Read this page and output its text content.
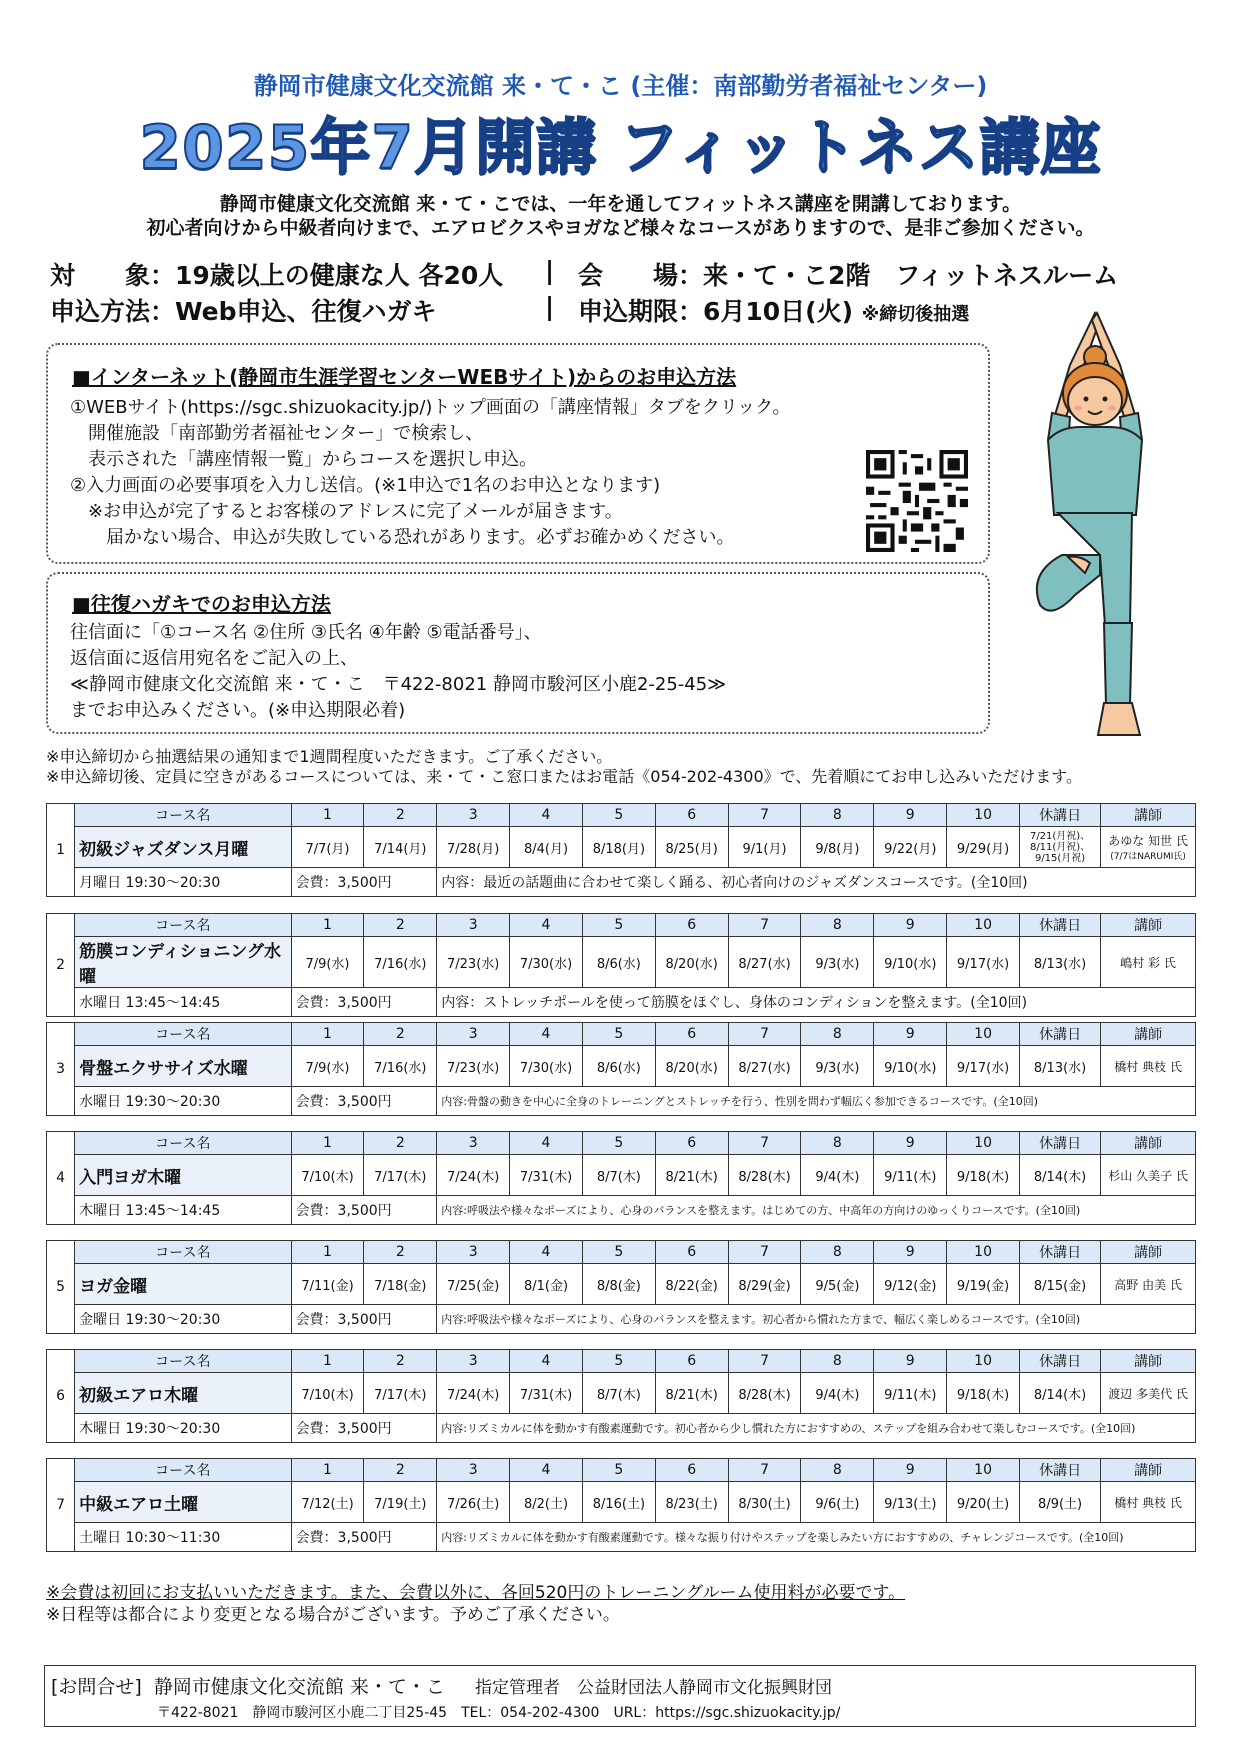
静岡市健康文化交流館 来・て・こ (主催：南部勤労者福祉センター)
2025年7月開講 フィットネス講座
静岡市健康文化交流館 来・て・こでは、一年を通してフィットネス講座を開講しております。
初心者向けから中級者向けまで、エアロビクスやヨガなど様々なコースがありますので、是非ご参加ください。
対　　象：19歳以上の健康な人 各20人 | 会　　場：来・て・こ2階　フィットネスルーム
申込方法：Web申込、往復ハガキ	| 申込期限：6月10日(火) ※締切後抽選
■インターネット(静岡市生涯学習センターWEBサイト)からのお申込方法
①WEBサイト(https://sgc.shizuokacity.jp/)トップ画面の「講座情報」タブをクリック。
　開催施設「南部勤労者福祉センター」で検索し、
　表示された「講座情報一覧」からコースを選択し申込。
②入力画面の必要事項を入力し送信。(※1申込で1名のお申込となります)
　※お申込が完了するとお客様のアドレスに完了メールが届きます。
　　届かない場合、申込が失敗している恐れがあります。必ずお確かめください。
■往復ハガキでのお申込方法
往信面に「①コース名 ②住所 ③氏名 ④年齢 ⑤電話番号」、
返信面に返信用宛名をご記入の上、
≪静岡市健康文化交流館 来・て・こ　〒422-8021 静岡市駿河区小鹿2-25-45≫
までお申込みください。(※申込期限必着)
※申込締切から抽選結果の通知まで1週間程度いただきます。ご了承ください。
※申込締切後、定員に空きがあるコースについては、来・て・こ窓口またはお電話《054-202-4300》で、先着順にてお申し込みいただけます。
1	コース名	1	2	3	4	5	6	7	8	9	10	休講日	講師
	初級ジャズダンス月曜	7/7(月)	7/14(月)	7/28(月)	8/4(月)	8/18(月)	8/25(月)	9/1(月)	9/8(月)	9/22(月)	9/29(月)	7/21(月祝)、8/11(月祝)、9/15(月祝)	あゆな 知世 氏
(7/7はNARUMI氏)

	月曜日 19:30～20:30	会費：3,500円		内容：最近の話題曲に合わせて楽しく踊る、初心者向けのジャズダンスコースです。(全10回)									
2	コース名	1	2	3	4	5	6	7	8	9	10	休講日	講師
	筋膜コンディショニング水曜	7/9(水)	7/16(水)	7/23(水)	7/30(水)	8/6(水)	8/20(水)	8/27(水)	9/3(水)	9/10(水)	9/17(水)	8/13(水)	嶋村 彩 氏

	水曜日 13:45～14:45	会費：3,500円		内容：ストレッチポールを使って筋膜をほぐし、身体のコンディションを整えます。(全10回)									
3	コース名	1	2	3	4	5	6	7	8	9	10	休講日	講師
	骨盤エクササイズ水曜	7/9(水)	7/16(水)	7/23(水)	7/30(水)	8/6(水)	8/20(水)	8/27(水)	9/3(水)	9/10(水)	9/17(水)	8/13(水)	橋村 典枝 氏

	水曜日 19:30～20:30	会費：3,500円		内容:骨盤の動きを中心に全身のトレーニングとストレッチを行う、性別を問わず幅広く参加できるコースです。(全10回)									
4	コース名	1	2	3	4	5	6	7	8	9	10	休講日	講師
	入門ヨガ木曜	7/10(木)	7/17(木)	7/24(木)	7/31(木)	8/7(木)	8/21(木)	8/28(木)	9/4(木)	9/11(木)	9/18(木)	8/14(木)	杉山 久美子 氏

	木曜日 13:45～14:45	会費：3,500円		内容:呼吸法や様々なポーズにより、心身のバランスを整えます。はじめての方、中高年の方向けのゆっくりコースです。(全10回)									
5	コース名	1	2	3	4	5	6	7	8	9	10	休講日	講師
	ヨガ金曜	7/11(金)	7/18(金)	7/25(金)	8/1(金)	8/8(金)	8/22(金)	8/29(金)	9/5(金)	9/12(金)	9/19(金)	8/15(金)	高野 由美 氏

	金曜日 19:30～20:30	会費：3,500円		内容:呼吸法や様々なポーズにより、心身のバランスを整えます。初心者から慣れた方まで、幅広く楽しめるコースです。(全10回)									
6	コース名	1	2	3	4	5	6	7	8	9	10	休講日	講師
	初級エアロ木曜	7/10(木)	7/17(木)	7/24(木)	7/31(木)	8/7(木)	8/21(木)	8/28(木)	9/4(木)	9/11(木)	9/18(木)	8/14(木)	渡辺 多美代 氏

	木曜日 19:30～20:30	会費：3,500円		内容:リズミカルに体を動かす有酸素運動です。初心者から少し慣れた方におすすめの、ステップを組み合わせて楽しむコースです。(全10回)									
7	コース名	1	2	3	4	5	6	7	8	9	10	休講日	講師
	中級エアロ土曜	7/12(土)	7/19(土)	7/26(土)	8/2(土)	8/16(土)	8/23(土)	8/30(土)	9/6(土)	9/13(土)	9/20(土)	8/9(土)	橋村 典枝 氏

	土曜日 10:30～11:30	会費：3,500円		内容:リズミカルに体を動かす有酸素運動です。様々な振り付けやステップを楽しみたい方におすすめの、チャレンジコースです。(全10回)									
※会費は初回にお支払いいただきます。また、会費以外に、各回520円のトレーニングルーム使用料が必要です。
※日程等は都合により変更となる場合がございます。予めご了承ください。
[お問合せ] 静岡市健康文化交流館 来・て・こ 指定管理者　公益財団法人静岡市文化振興財団
〒422-8021　静岡市駿河区小鹿二丁目25-45　TEL：054-202-4300　URL：https://sgc.shizuokacity.jp/
